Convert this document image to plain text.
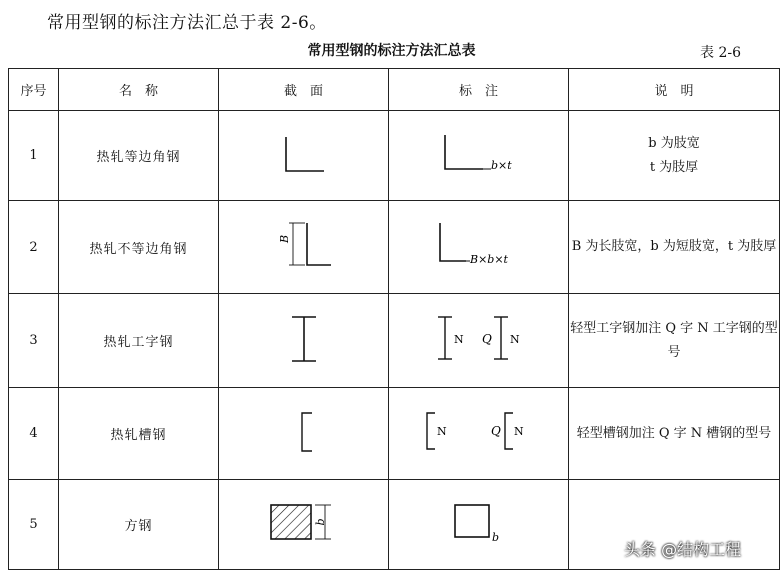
常用型钢的标注方法汇总于表 2-6。
常用型钢的标注方法汇总表	表 2-6
序号	名　称	截　面	标　注	说　明
1	热轧等边角钢		b×t	b 为肢宽
t 为肢厚

2	热轧不等边角钢	B	B×b×t	B 为长肢宽，b 为短肢宽，t 为肢厚

3	热轧工字钢		N Q N	轻型工字钢加注 Q 字 N 工字钢的型号

4	热轧槽钢		N Q N	轻型槽钢加注 Q 字 N 槽钢的型号

5	方钢	b	b	

头条 @结构工程
